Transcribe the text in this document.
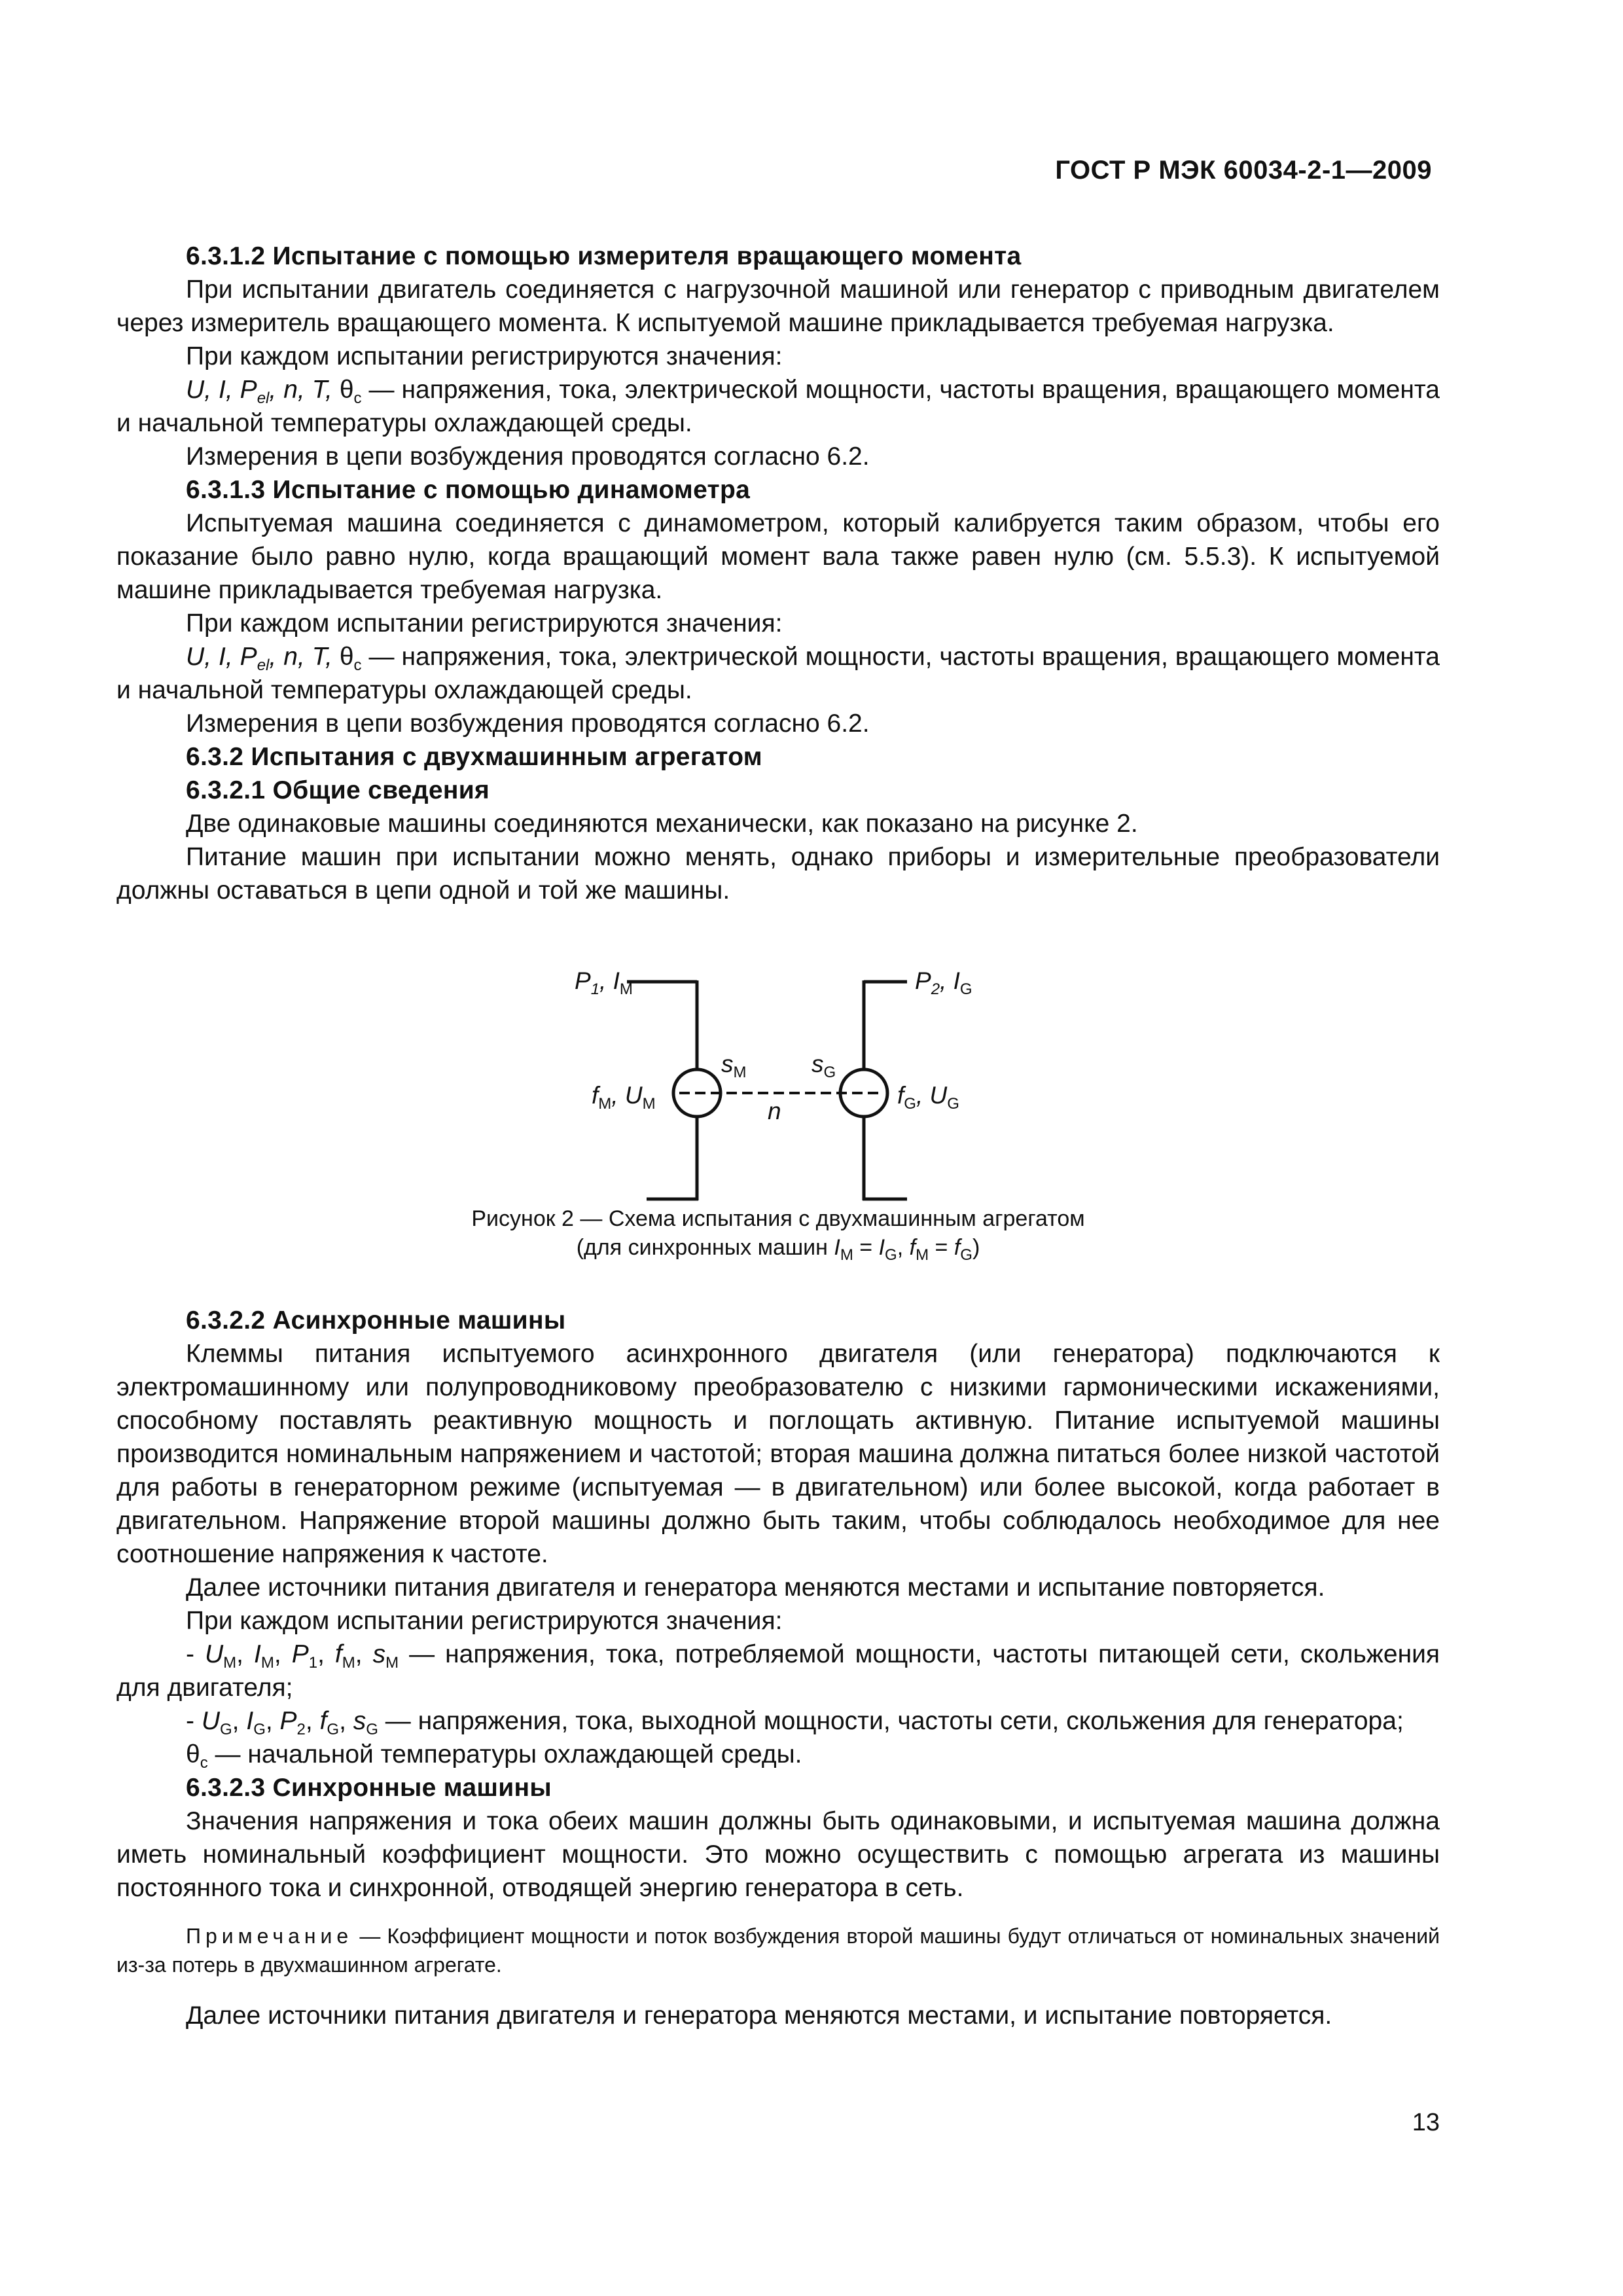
ГОСТ Р МЭК 60034-2-1—2009

6.3.1.2 Испытание с помощью измерителя вращающего момента

При испытании двигатель соединяется с нагрузочной машиной или генератор с приводным двигателем через измеритель вращающего момента. К испытуемой машине прикладывается требуемая нагрузка.

При каждом испытании регистрируются значения:

U, I, $P_{el}$, n, T, $\theta_c$ — напряжения, тока, электрической мощности, частоты вращения, вращающего момента и начальной температуры охлаждающей среды.

Измерения в цепи возбуждения проводятся согласно 6.2.

6.3.1.3 Испытание с помощью динамометра

Испытуемая машина соединяется с динамометром, который калибруется таким образом, чтобы его показание было равно нулю, когда вращающий момент вала также равен нулю (см. 5.5.3). К испытуемой машине прикладывается требуемая нагрузка.

При каждом испытании регистрируются значения:

U, I, $P_{el}$, n, T, $\theta_c$ — напряжения, тока, электрической мощности, частоты вращения, вращающего момента и начальной температуры охлаждающей среды.

Измерения в цепи возбуждения проводятся согласно 6.2.

6.3.2 Испытания с двухмашинным агрегатом

6.3.2.1 Общие сведения

Две одинаковые машины соединяются механически, как показано на рисунке 2.

Питание машин при испытании можно менять, однако приборы и измерительные преобразователи должны оставаться в цепи одной и той же машины.

$P_1$, $I_M$	$P_2$, $I_G$
$f_M$, $U_M$	$f_G$, $U_G$
$s_M$	$s_G$
n
Рисунок 2 — Схема испытания с двухмашинным агрегатом
(для синхронных машин $I_M = I_G$, $f_M = f_G$)

6.3.2.2 Асинхронные машины

Клеммы питания испытуемого асинхронного двигателя (или генератора) подключаются к электромашинному или полупроводниковому преобразователю с низкими гармоническими искажениями, способному поставлять реактивную мощность и поглощать активную. Питание испытуемой машины производится номинальным напряжением и частотой; вторая машина должна питаться более низкой частотой для работы в генераторном режиме (испытуемая — в двигательном) или более высокой, когда работает в двигательном. Напряжение второй машины должно быть таким, чтобы соблюдалось необходимое для нее соотношение напряжения к частоте.

Далее источники питания двигателя и генератора меняются местами и испытание повторяется.

При каждом испытании регистрируются значения:

- $U_M$, $I_M$, $P_1$, $f_M$, $s_M$ — напряжения, тока, потребляемой мощности, частоты питающей сети, скольжения для двигателя;

- $U_G$, $I_G$, $P_2$, $f_G$, $s_G$ — напряжения, тока, выходной мощности, частоты сети, скольжения для генератора;

$\theta_c$ — начальной температуры охлаждающей среды.

6.3.2.3 Синхронные машины

Значения напряжения и тока обеих машин должны быть одинаковыми, и испытуемая машина должна иметь номинальный коэффициент мощности. Это можно осуществить с помощью агрегата из машины постоянного тока и синхронной, отводящей энергию генератора в сеть.

Примечание — Коэффициент мощности и поток возбуждения второй машины будут отличаться от номинальных значений из-за потерь в двухмашинном агрегате.

Далее источники питания двигателя и генератора меняются местами, и испытание повторяется.

13
